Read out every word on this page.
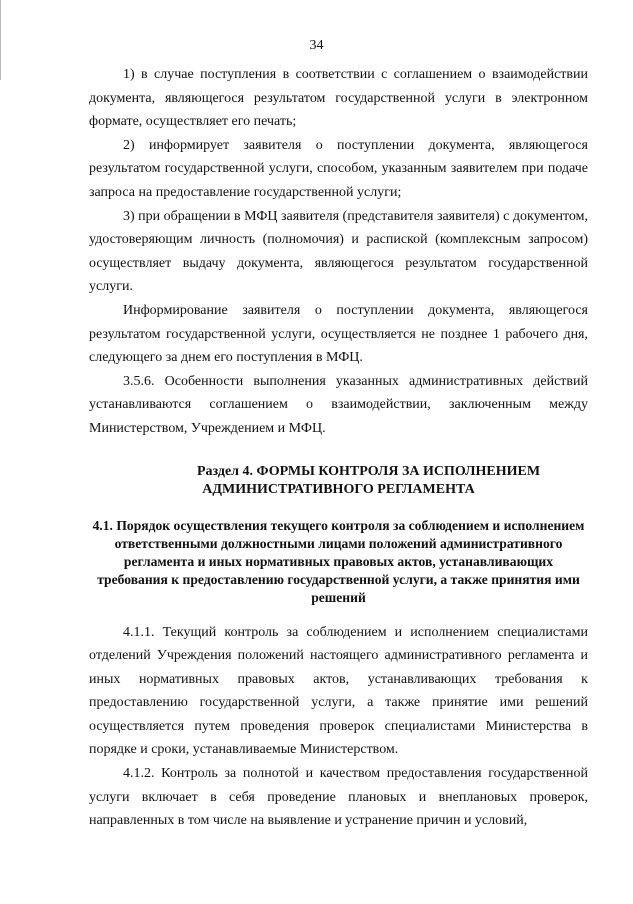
34

1) в случае поступления в соответствии с соглашением о взаимодействии документа, являющегося результатом государственной услуги в электронном формате, осуществляет его печать;

2) информирует заявителя о поступлении документа, являющегося результатом государственной услуги, способом, указанным заявителем при подаче запроса на предоставление государственной услуги;

3) при обращении в МФЦ заявителя (представителя заявителя) с документом, удостоверяющим личность (полномочия) и распиской (комплексным запросом) осуществляет выдачу документа, являющегося результатом государственной услуги.

Информирование заявителя о поступлении документа, являющегося результатом государственной услуги, осуществляется не позднее 1 рабочего дня, следующего за днем его поступления в МФЦ.

3.5.6. Особенности выполнения указанных административных действий устанавливаются соглашением о взаимодействии, заключенным между Министерством, Учреждением и МФЦ.

Раздел 4. ФОРМЫ КОНТРОЛЯ ЗА ИСПОЛНЕНИЕМ
АДМИНИСТРАТИВНОГО РЕГЛАМЕНТА
4.1. Порядок осуществления текущего контроля за соблюдением и исполнением ответственными должностными лицами положений административного регламента и иных нормативных правовых актов, устанавливающих требования к предоставлению государственной услуги, а также принятия ими решений

4.1.1. Текущий контроль за соблюдением и исполнением специалистами отделений Учреждения положений настоящего административного регламента и иных нормативных правовых актов, устанавливающих требования к предоставлению государственной услуги, а также принятие ими решений осуществляется путем проведения проверок специалистами Министерства в порядке и сроки, устанавливаемые Министерством.

4.1.2. Контроль за полнотой и качеством предоставления государственной услуги включает в себя проведение плановых и внеплановых проверок, направленных в том числе на выявление и устранение причин и условий,
